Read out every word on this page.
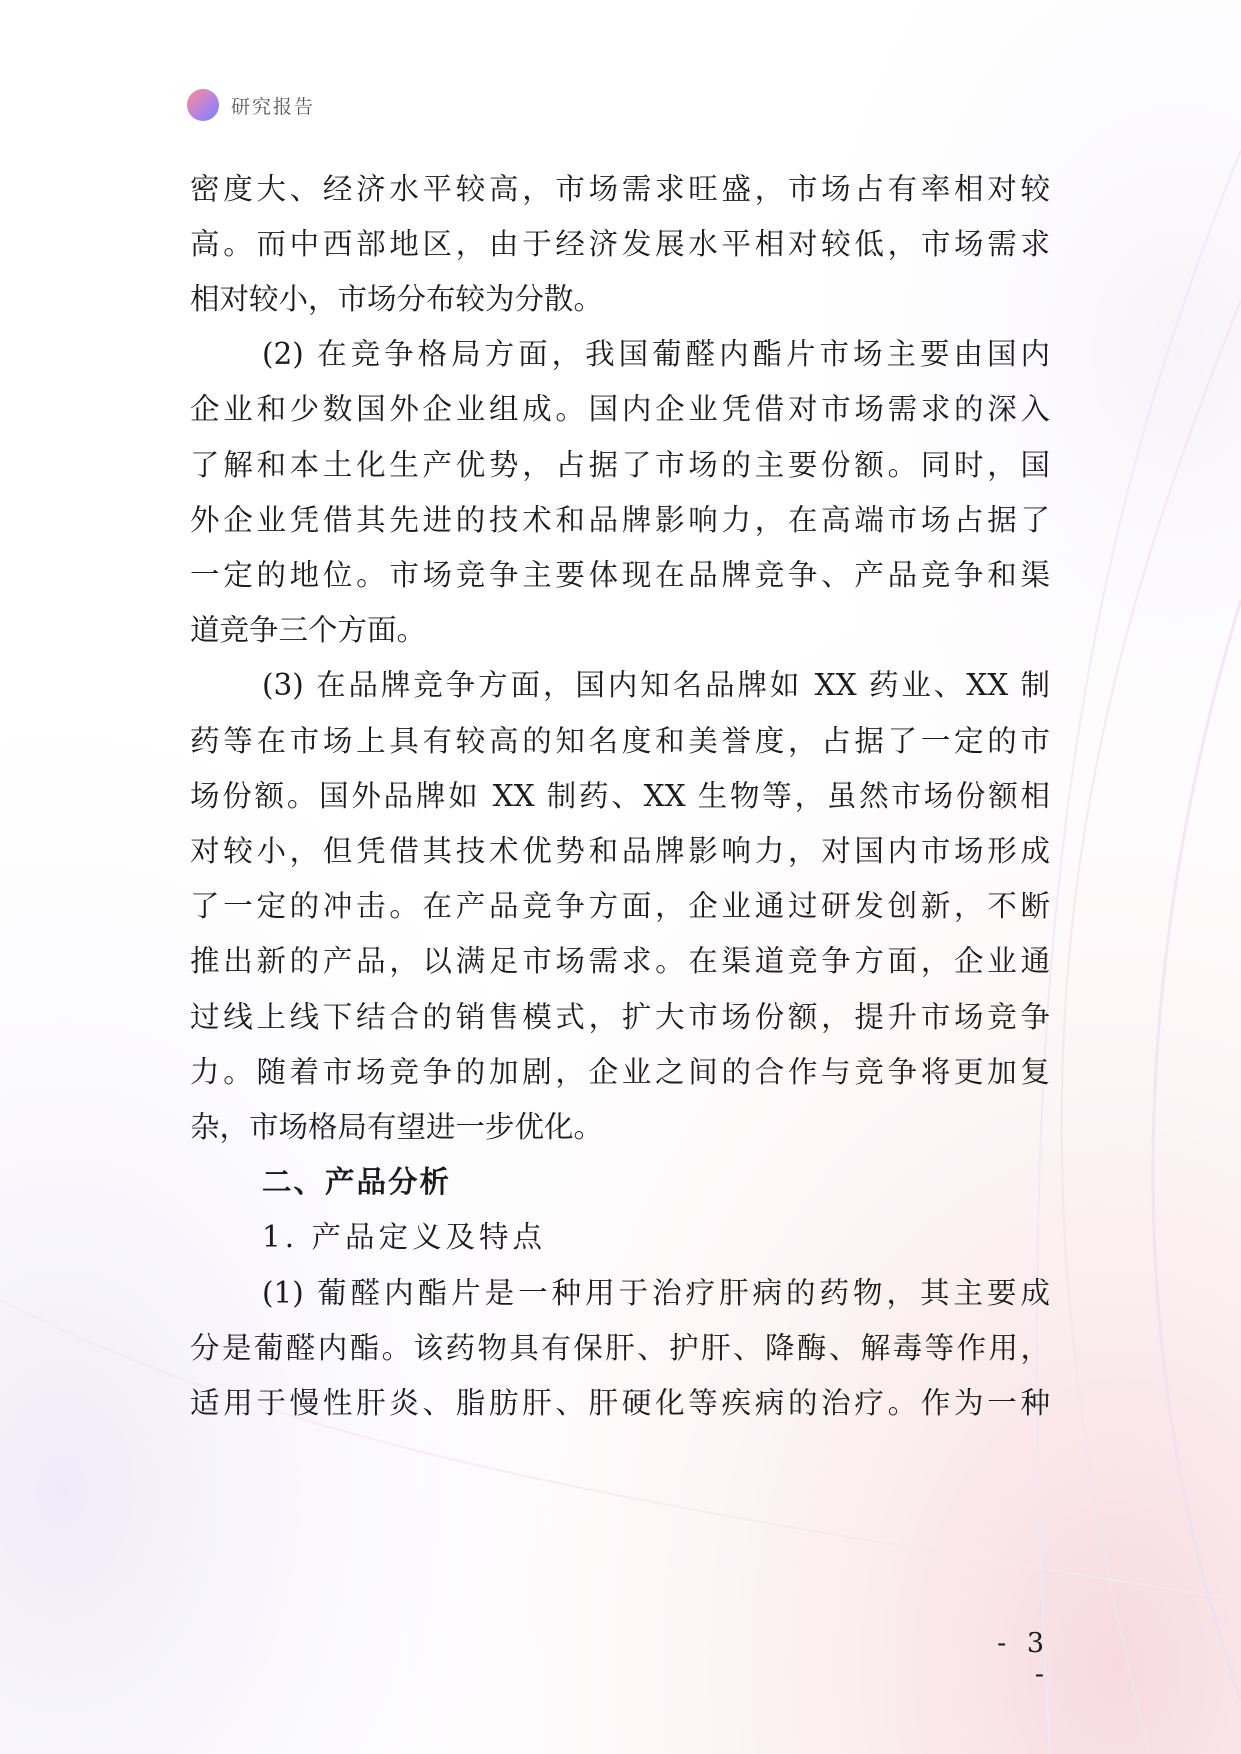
研究报告
密度大、经济水平较高，市场需求旺盛，市场占有率相对较
高。而中西部地区，由于经济发展水平相对较低，市场需求
相对较小，市场分布较为分散。
(2) 在竞争格局方面，我国葡醛内酯片市场主要由国内
企业和少数国外企业组成。国内企业凭借对市场需求的深入
了解和本土化生产优势，占据了市场的主要份额。同时，国
外企业凭借其先进的技术和品牌影响力，在高端市场占据了
一定的地位。市场竞争主要体现在品牌竞争、产品竞争和渠
道竞争三个方面。
(3) 在品牌竞争方面，国内知名品牌如 XX 药业、XX 制
药等在市场上具有较高的知名度和美誉度，占据了一定的市
场份额。国外品牌如 XX 制药、XX 生物等，虽然市场份额相
对较小，但凭借其技术优势和品牌影响力，对国内市场形成
了一定的冲击。在产品竞争方面，企业通过研发创新，不断
推出新的产品，以满足市场需求。在渠道竞争方面，企业通
过线上线下结合的销售模式，扩大市场份额，提升市场竞争
力。随着市场竞争的加剧，企业之间的合作与竞争将更加复
杂，市场格局有望进一步优化。
二、产品分析
1. 产品定义及特点
(1) 葡醛内酯片是一种用于治疗肝病的药物，其主要成
分是葡醛内酯。该药物具有保肝、护肝、降酶、解毒等作用，
适用于慢性肝炎、脂肪肝、肝硬化等疾病的治疗。作为一种
- 3 -
